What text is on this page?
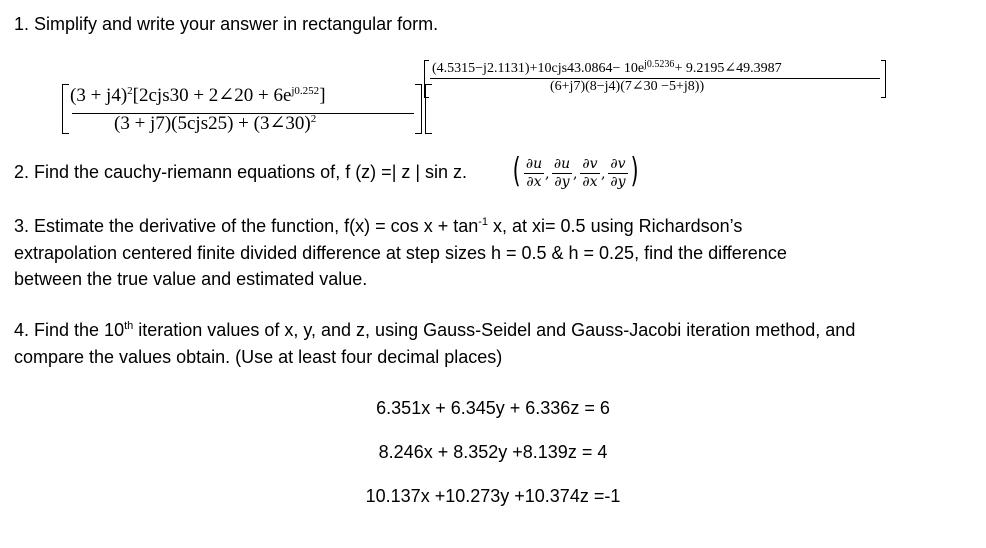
1. Simplify and write your answer in rectangular form.
$(3 + j4)^2[2cjs30$ + 2∠20 + $6e^{j0.252}$]
(3 + j7)(5cjs25) + (3∠30)$^2$
$(4.5315-j2.1131)+10cjs43.0864- 10e^{j0.5236}+$ 9.2195∠49.3987
(6+j7)(8−j4)(7∠30 −5+j8))
2. Find the cauchy-riemann equations of, f (z) =| z | sin z. ( $\frac{\partial u}{\partial x}$ , $\frac{\partial u}{\partial y}$ , $\frac{\partial v}{\partial x}$ , $\frac{\partial v}{\partial y}$ )
3. Estimate the derivative of the function, $f(x) = \cos x + \tan^{-1} x$, at xi= 0.5 using Richardson’s
extrapolation centered finite divided difference at step sizes h = 0.5 & h = 0.25, find the difference
between the true value and estimated value.
4. Find the 10th iteration values of x, y, and z, using Gauss-Seidel and Gauss-Jacobi iteration method, and
compare the values obtain. (Use at least four decimal places)
6.351x + 6.345y + 6.336z = 6
8.246x + 8.352y +8.139z = 4
10.137x +10.273y +10.374z =-1
